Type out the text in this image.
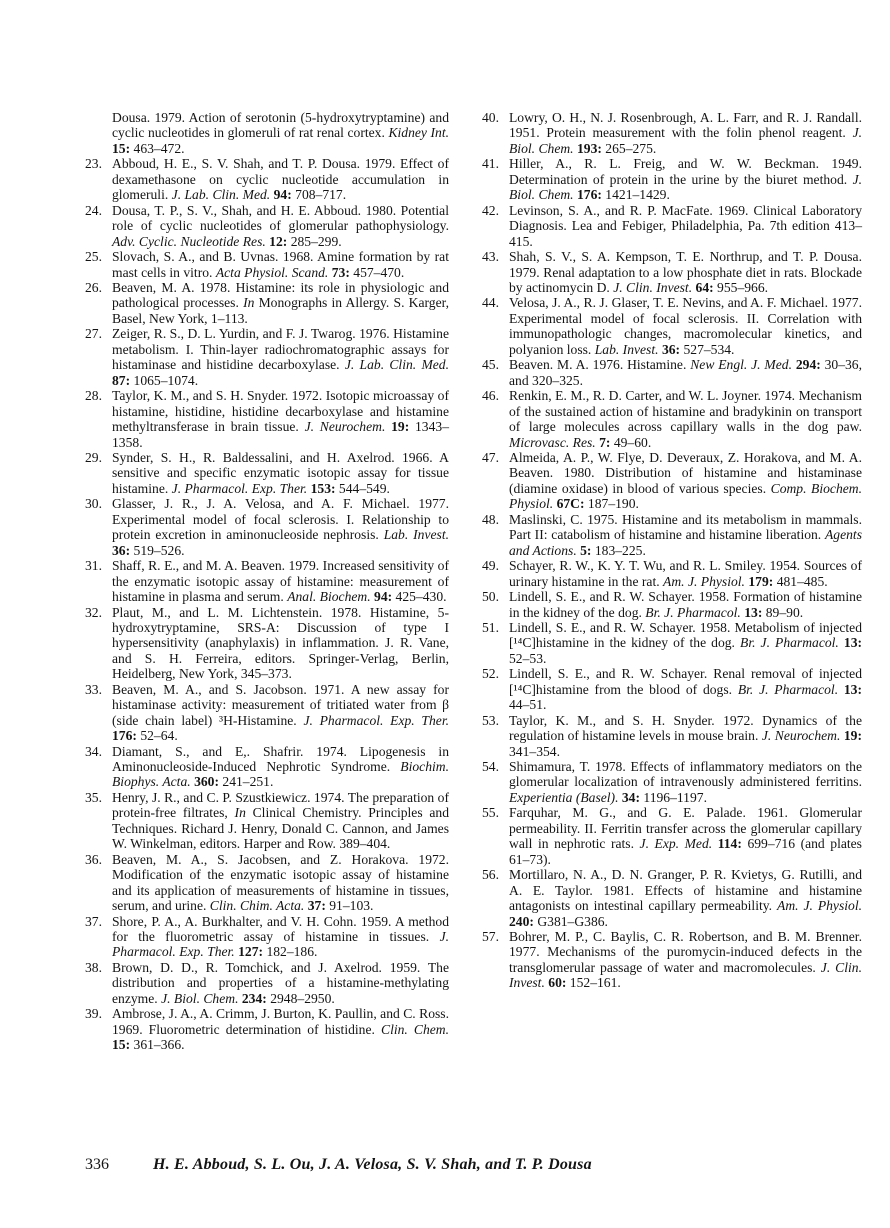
Dousa. 1979. Action of serotonin (5-hydroxytryptamine) and cyclic nucleotides in glomeruli of rat renal cortex. Kidney Int. 15: 463–472.
23. Abboud, H. E., S. V. Shah, and T. P. Dousa. 1979. Effect of dexamethasone on cyclic nucleotide accumulation in glomeruli. J. Lab. Clin. Med. 94: 708–717.
24. Dousa, T. P., S. V., Shah, and H. E. Abboud. 1980. Potential role of cyclic nucleotides of glomerular pathophysiology. Adv. Cyclic. Nucleotide Res. 12: 285–299.
25. Slovach, S. A., and B. Uvnas. 1968. Amine formation by rat mast cells in vitro. Acta Physiol. Scand. 73: 457–470.
26. Beaven, M. A. 1978. Histamine: its role in physiologic and pathological processes. In Monographs in Allergy. S. Karger, Basel, New York, 1–113.
27. Zeiger, R. S., D. L. Yurdin, and F. J. Twarog. 1976. Histamine metabolism. I. Thin-layer radiochromatographic assays for histaminase and histidine decarboxylase. J. Lab. Clin. Med. 87: 1065–1074.
28. Taylor, K. M., and S. H. Snyder. 1972. Isotopic microassay of histamine, histidine, histidine decarboxylase and histamine methyltransferase in brain tissue. J. Neurochem. 19: 1343–1358.
29. Synder, S. H., R. Baldessalini, and H. Axelrod. 1966. A sensitive and specific enzymatic isotopic assay for tissue histamine. J. Pharmacol. Exp. Ther. 153: 544–549.
30. Glasser, J. R., J. A. Velosa, and A. F. Michael. 1977. Experimental model of focal sclerosis. I. Relationship to protein excretion in aminonucleoside nephrosis. Lab. Invest. 36: 519–526.
31. Shaff, R. E., and M. A. Beaven. 1979. Increased sensitivity of the enzymatic isotopic assay of histamine: measurement of histamine in plasma and serum. Anal. Biochem. 94: 425–430.
32. Plaut, M., and L. M. Lichtenstein. 1978. Histamine, 5-hydroxytryptamine, SRS-A: Discussion of type I hypersensitivity (anaphylaxis) in inflammation. J. R. Vane, and S. H. Ferreira, editors. Springer-Verlag, Berlin, Heidelberg, New York, 345–373.
33. Beaven, M. A., and S. Jacobson. 1971. A new assay for histaminase activity: measurement of tritiated water from β (side chain label) ³H-Histamine. J. Pharmacol. Exp. Ther. 176: 52–64.
34. Diamant, S., and E,. Shafrir. 1974. Lipogenesis in Aminonucleoside-Induced Nephrotic Syndrome. Biochim. Biophys. Acta. 360: 241–251.
35. Henry, J. R., and C. P. Szustkiewicz. 1974. The preparation of protein-free filtrates, In Clinical Chemistry. Principles and Techniques. Richard J. Henry, Donald C. Cannon, and James W. Winkelman, editors. Harper and Row. 389–404.
36. Beaven, M. A., S. Jacobsen, and Z. Horakova. 1972. Modification of the enzymatic isotopic assay of histamine and its application of measurements of histamine in tissues, serum, and urine. Clin. Chim. Acta. 37: 91–103.
37. Shore, P. A., A. Burkhalter, and V. H. Cohn. 1959. A method for the fluorometric assay of histamine in tissues. J. Pharmacol. Exp. Ther. 127: 182–186.
38. Brown, D. D., R. Tomchick, and J. Axelrod. 1959. The distribution and properties of a histamine-methylating enzyme. J. Biol. Chem. 234: 2948–2950.
39. Ambrose, J. A., A. Crimm, J. Burton, K. Paullin, and C. Ross. 1969. Fluorometric determination of histidine. Clin. Chem. 15: 361–366.
40. Lowry, O. H., N. J. Rosenbrough, A. L. Farr, and R. J. Randall. 1951. Protein measurement with the folin phenol reagent. J. Biol. Chem. 193: 265–275.
41. Hiller, A., R. L. Freig, and W. W. Beckman. 1949. Determination of protein in the urine by the biuret method. J. Biol. Chem. 176: 1421–1429.
42. Levinson, S. A., and R. P. MacFate. 1969. Clinical Laboratory Diagnosis. Lea and Febiger, Philadelphia, Pa. 7th edition 413–415.
43. Shah, S. V., S. A. Kempson, T. E. Northrup, and T. P. Dousa. 1979. Renal adaptation to a low phosphate diet in rats. Blockade by actinomycin D. J. Clin. Invest. 64: 955–966.
44. Velosa, J. A., R. J. Glaser, T. E. Nevins, and A. F. Michael. 1977. Experimental model of focal sclerosis. II. Correlation with immunopathologic changes, macromolecular kinetics, and polyanion loss. Lab. Invest. 36: 527–534.
45. Beaven. M. A. 1976. Histamine. New Engl. J. Med. 294: 30–36, and 320–325.
46. Renkin, E. M., R. D. Carter, and W. L. Joyner. 1974. Mechanism of the sustained action of histamine and bradykinin on transport of large molecules across capillary walls in the dog paw. Microvasc. Res. 7: 49–60.
47. Almeida, A. P., W. Flye, D. Deveraux, Z. Horakova, and M. A. Beaven. 1980. Distribution of histamine and histaminase (diamine oxidase) in blood of various species. Comp. Biochem. Physiol. 67C: 187–190.
48. Maslinski, C. 1975. Histamine and its metabolism in mammals. Part II: catabolism of histamine and histamine liberation. Agents and Actions. 5: 183–225.
49. Schayer, R. W., K. Y. T. Wu, and R. L. Smiley. 1954. Sources of urinary histamine in the rat. Am. J. Physiol. 179: 481–485.
50. Lindell, S. E., and R. W. Schayer. 1958. Formation of histamine in the kidney of the dog. Br. J. Pharmacol. 13: 89–90.
51. Lindell, S. E., and R. W. Schayer. 1958. Metabolism of injected [¹⁴C]histamine in the kidney of the dog. Br. J. Pharmacol. 13: 52–53.
52. Lindell, S. E., and R. W. Schayer. Renal removal of injected [¹⁴C]histamine from the blood of dogs. Br. J. Pharmacol. 13: 44–51.
53. Taylor, K. M., and S. H. Snyder. 1972. Dynamics of the regulation of histamine levels in mouse brain. J. Neurochem. 19: 341–354.
54. Shimamura, T. 1978. Effects of inflammatory mediators on the glomerular localization of intravenously administered ferritins. Experientia (Basel). 34: 1196–1197.
55. Farquhar, M. G., and G. E. Palade. 1961. Glomerular permeability. II. Ferritin transfer across the glomerular capillary wall in nephrotic rats. J. Exp. Med. 114: 699–716 (and plates 61–73).
56. Mortillaro, N. A., D. N. Granger, P. R. Kvietys, G. Rutilli, and A. E. Taylor. 1981. Effects of histamine and histamine antagonists on intestinal capillary permeability. Am. J. Physiol. 240: G381–G386.
57. Bohrer, M. P., C. Baylis, C. R. Robertson, and B. M. Brenner. 1977. Mechanisms of the puromycin-induced defects in the transglomerular passage of water and macromolecules. J. Clin. Invest. 60: 152–161.
336	H. E. Abboud, S. L. Ou, J. A. Velosa, S. V. Shah, and T. P. Dousa
